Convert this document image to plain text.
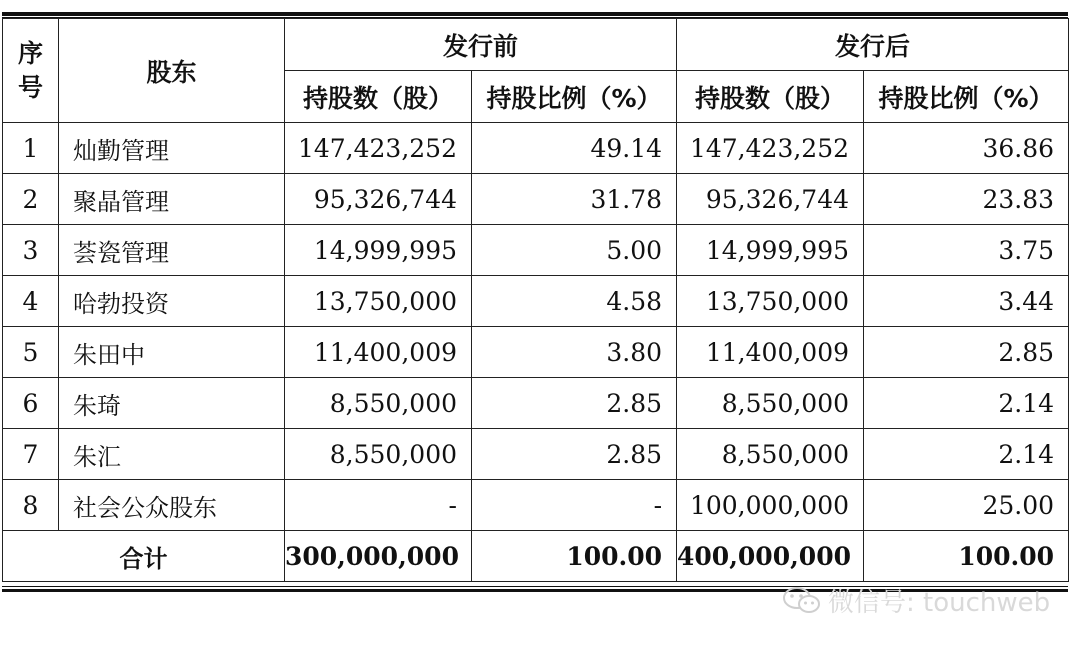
序号	股东	发行前		发行后	
		持股数（股）	持股比例（%）	持股数（股）	持股比例（%）
1	灿勤管理	147,423,252	49.14	147,423,252	36.86
2	聚晶管理	95,326,744	31.78	95,326,744	23.83
3	荟瓷管理	14,999,995	5.00	14,999,995	3.75
4	哈勃投资	13,750,000	4.58	13,750,000	3.44
5	朱田中	11,400,009	3.80	11,400,009	2.85
6	朱琦	8,550,000	2.85	8,550,000	2.14
7	朱汇	8,550,000	2.85	8,550,000	2.14
8	社会公众股东	-	-	100,000,000	25.00
合计		300,000,000	100.00	400,000,000	100.00
微信号: touchweb
